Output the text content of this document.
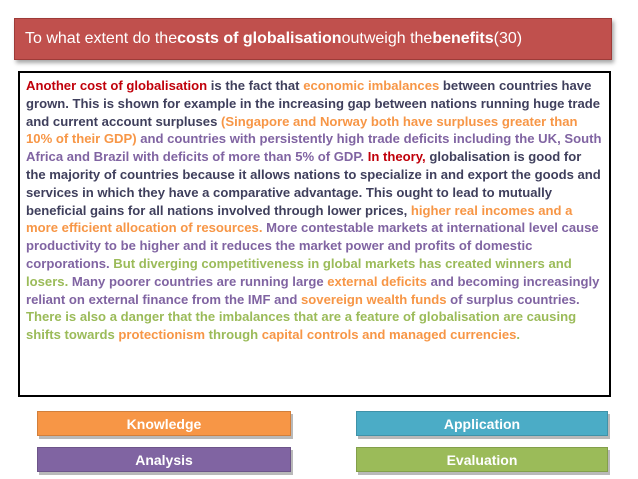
To what extent do the costs of globalisation outweigh the benefits (30)
Another cost of globalisation is the fact that economic imbalances between countries have grown. This is shown for example in the increasing gap between nations running huge trade and current account surpluses (Singapore and Norway both have surpluses greater than 10% of their GDP) and countries with persistently high trade deficits including the UK, South Africa and Brazil with deficits of more than 5% of GDP. In theory, globalisation is good for the majority of countries because it allows nations to specialize in and export the goods and services in which they have a comparative advantage. This ought to lead to mutually beneficial gains for all nations involved through lower prices, higher real incomes and a more efficient allocation of resources. More contestable markets at international level cause productivity to be higher and it reduces the market power and profits of domestic corporations. But diverging competitiveness in global markets has created winners and losers. Many poorer countries are running large external deficits and becoming increasingly reliant on external finance from the IMF and sovereign wealth funds of surplus countries. There is also a danger that the imbalances that are a feature of globalisation are causing shifts towards protectionism through capital controls and managed currencies.
Knowledge
Analysis
Application
Evaluation
